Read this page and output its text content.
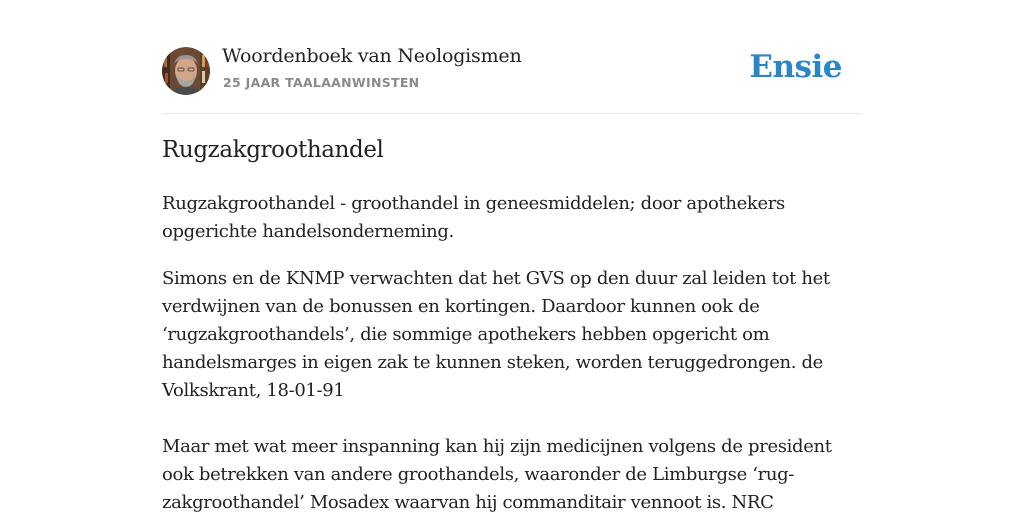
Woordenboek van Neologismen
25 JAAR TAALAANWINSTEN	Ensie
Rugzakgroothandel

Rugzakgroothandel - groothandel in geneesmiddelen; door apothekers opgerichte handelsonderneming.

Simons en de KNMP verwachten dat het GVS op den duur zal leiden tot het verdwijnen van de bonussen en kortingen. Daardoor kunnen ook de ‘rugzakgroothandels’, die sommige apothekers hebben opgericht om handelsmarges in eigen zak te kunnen steken, worden teruggedrongen. de Volkskrant, 18-01-91

Maar met wat meer inspanning kan hij zijn medicijnen volgens de president ook betrekken van andere groothandels, waaronder de Limburgse ‘rug-zakgroothandel’ Mosadex waarvan hij commanditair vennoot is. NRC
